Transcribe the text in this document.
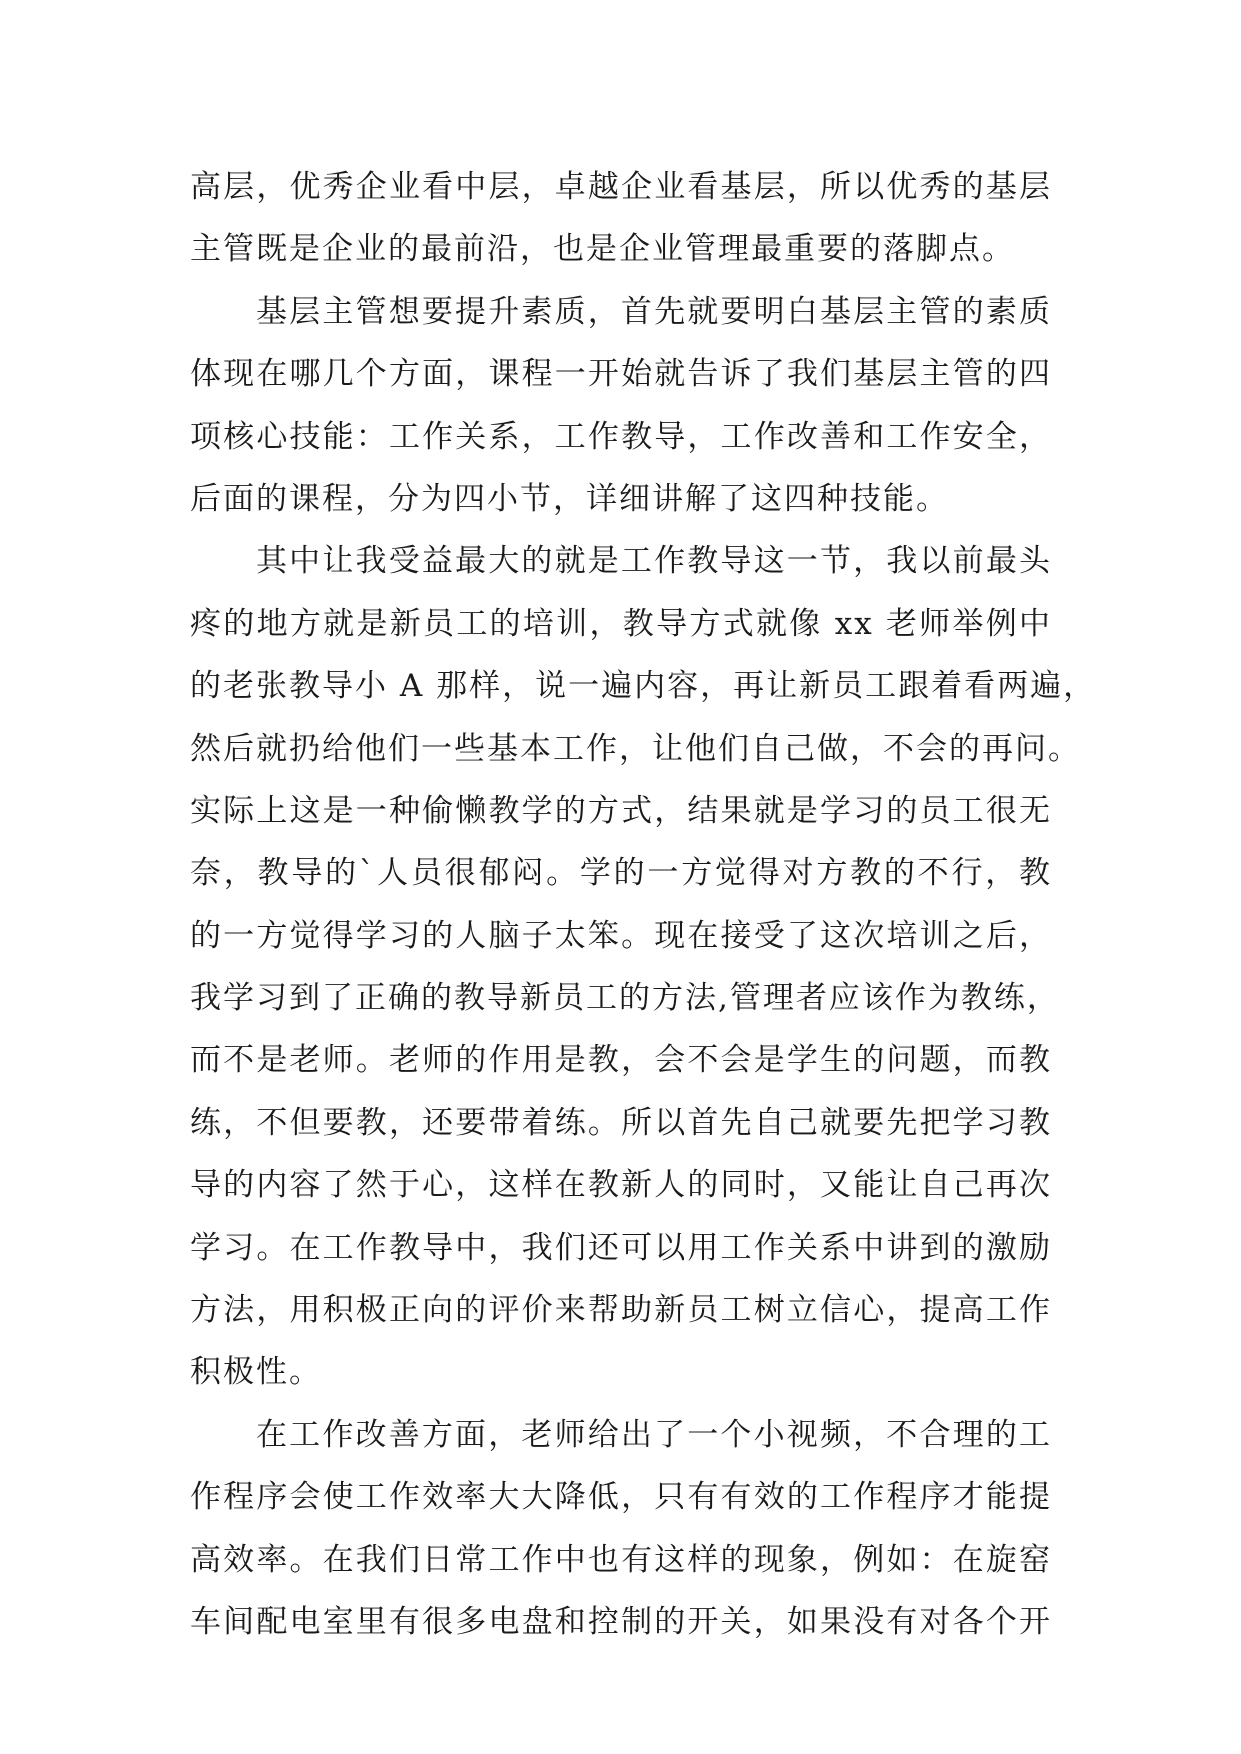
高层，优秀企业看中层，卓越企业看基层，所以优秀的基层
主管既是企业的最前沿，也是企业管理最重要的落脚点。
基层主管想要提升素质，首先就要明白基层主管的素质
体现在哪几个方面，课程一开始就告诉了我们基层主管的四
项核心技能：工作关系，工作教导，工作改善和工作安全，
后面的课程，分为四小节，详细讲解了这四种技能。
其中让我受益最大的就是工作教导这一节，我以前最头
疼的地方就是新员工的培训，教导方式就像 xx 老师举例中
的老张教导小 A 那样，说一遍内容，再让新员工跟着看两遍，
然后就扔给他们一些基本工作，让他们自己做，不会的再问。
实际上这是一种偷懒教学的方式，结果就是学习的员工很无
奈，教导的`人员很郁闷。学的一方觉得对方教的不行，教
的一方觉得学习的人脑子太笨。现在接受了这次培训之后，
我学习到了正确的教导新员工的方法,管理者应该作为教练，
而不是老师。老师的作用是教，会不会是学生的问题，而教
练，不但要教，还要带着练。所以首先自己就要先把学习教
导的内容了然于心，这样在教新人的同时，又能让自己再次
学习。在工作教导中，我们还可以用工作关系中讲到的激励
方法，用积极正向的评价来帮助新员工树立信心，提高工作
积极性。
在工作改善方面，老师给出了一个小视频，不合理的工
作程序会使工作效率大大降低，只有有效的工作程序才能提
高效率。在我们日常工作中也有这样的现象，例如：在旋窑
车间配电室里有很多电盘和控制的开关，如果没有对各个开
